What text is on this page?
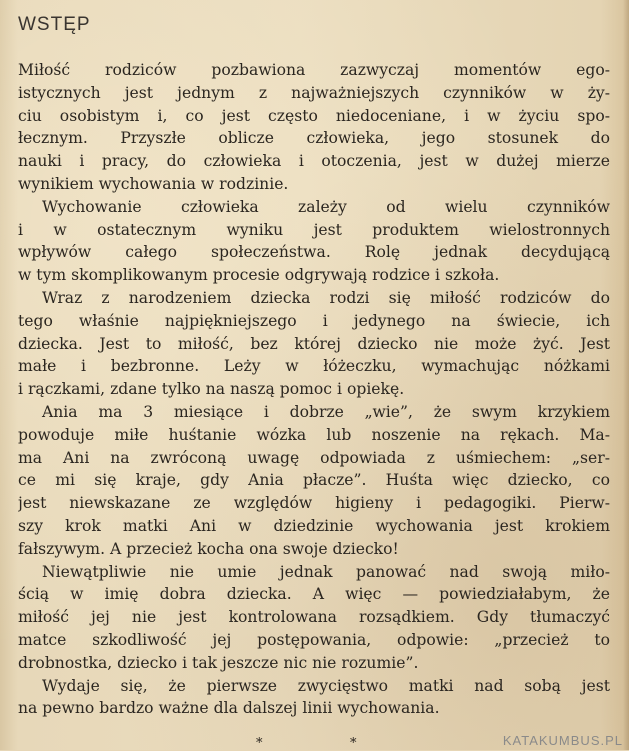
WSTĘP
Miłość rodziców pozbawiona zazwyczaj momentów ego-
istycznych jest jednym z najważniejszych czynników w ży-
ciu osobistym i, co jest często niedoceniane, i w życiu spo-
łecznym. Przyszłe oblicze człowieka, jego stosunek do
nauki i pracy, do człowieka i otoczenia, jest w dużej mierze
wynikiem wychowania w rodzinie.
Wychowanie człowieka zależy od wielu czynników
i w ostatecznym wyniku jest produktem wielostronnych
wpływów całego społeczeństwa. Rolę jednak decydującą
w tym skomplikowanym procesie odgrywają rodzice i szkoła.
Wraz z narodzeniem dziecka rodzi się miłość rodziców do
tego właśnie najpiękniejszego i jedynego na świecie, ich
dziecka. Jest to miłość, bez której dziecko nie może żyć. Jest
małe i bezbronne. Leży w łóżeczku, wymachując nóżkami
i rączkami, zdane tylko na naszą pomoc i opiekę.
Ania ma 3 miesiące i dobrze „wie”, że swym krzykiem
powoduje miłe huśtanie wózka lub noszenie na rękach. Ma-
ma Ani na zwróconą uwagę odpowiada z uśmiechem: „ser-
ce mi się kraje, gdy Ania płacze”. Huśta więc dziecko, co
jest niewskazane ze względów higieny i pedagogiki. Pierw-
szy krok matki Ani w dziedzinie wychowania jest krokiem
fałszywym. A przecież kocha ona swoje dziecko!
Niewątpliwie nie umie jednak panować nad swoją miło-
ścią w imię dobra dziecka. A więc — powiedziałabym, że
miłość jej nie jest kontrolowana rozsądkiem. Gdy tłumaczyć
matce szkodliwość jej postępowania, odpowie: „przecież to
drobnostka, dziecko i tak jeszcze nic nie rozumie”.
Wydaje się, że pierwsze zwycięstwo matki nad sobą jest
na pewno bardzo ważne dla dalszej linii wychowania.
*	*	KATAKUMBUS.PL
